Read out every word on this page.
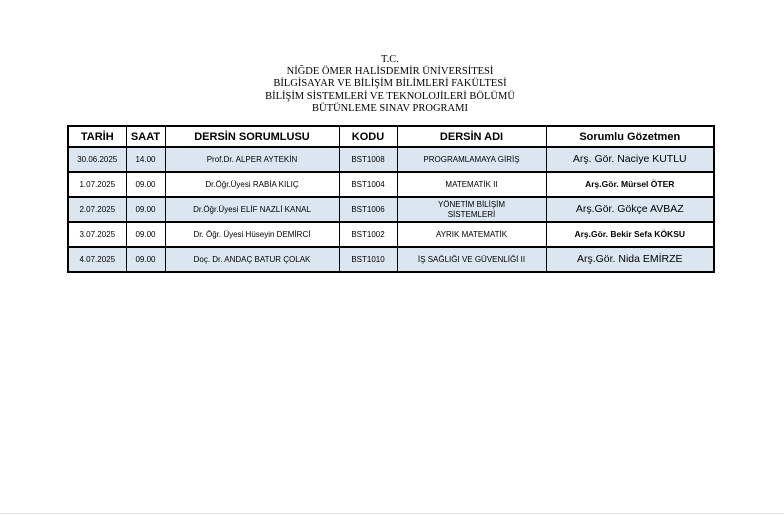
T.C.
NİĞDE ÖMER HALİSDEMİR ÜNİVERSİTESİ
BİLGİSAYAR VE BİLİŞİM BİLİMLERİ FAKÜLTESİ
BİLİŞİM SİSTEMLERİ VE TEKNOLOJİLERİ BÖLÜMÜ
BÜTÜNLEME SINAV PROGRAMI
TARİH	SAAT	DERSİN SORUMLUSU	KODU	DERSİN ADI	Sorumlu Gözetmen
30.06.2025	14.00	Prof.Dr. ALPER AYTEKİN	BST1008	PROGRAMLAMAYA GİRİŞ	Arş. Gör. Naciye KUTLU
1.07.2025	09.00	Dr.Öğr.Üyesi RABİA KILIÇ	BST1004	MATEMATİK II	Arş.Gör. Mürsel ÖTER
2.07.2025	09.00	Dr.Öğr.Üyesi ELİF NAZLİ KANAL	BST1006	YÖNETİM BİLİŞİM SİSTEMLERİ	Arş.Gör. Gökçe AVBAZ
3.07.2025	09.00	Dr. Öğr. Üyesi Hüseyin DEMİRCİ	BST1002	AYRIK MATEMATİK	Arş.Gör. Bekir Sefa KÖKSU
4.07.2025	09.00	Doç. Dr. ANDAÇ BATUR ÇOLAK	BST1010	İŞ SAĞLIĞI VE GÜVENLİĞİ II	Arş.Gör. Nida EMİRZE
